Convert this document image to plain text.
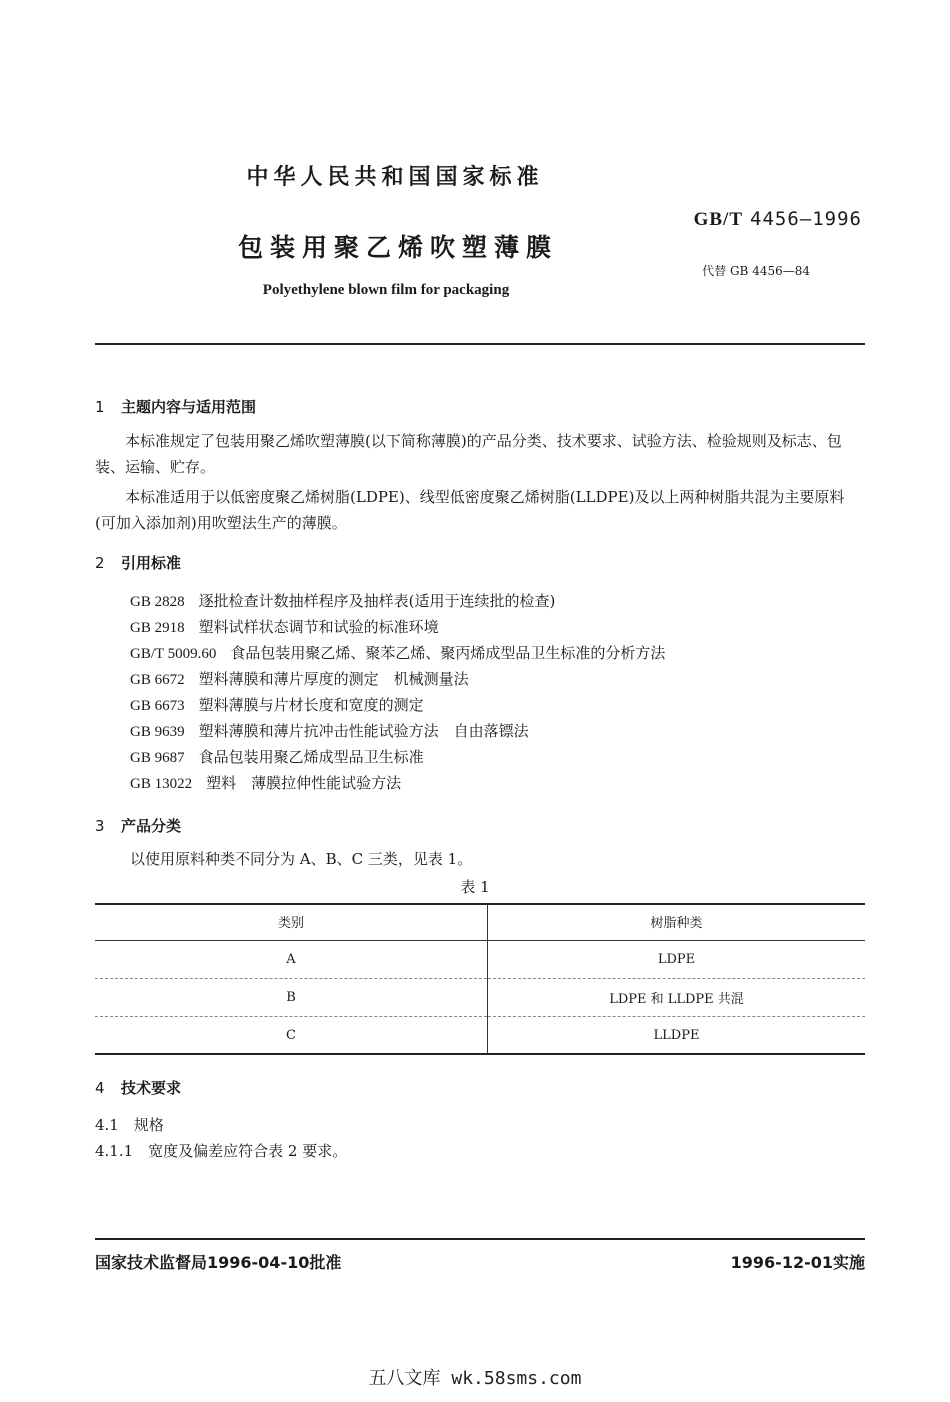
中华人民共和国国家标准
GB/T 4456—1996
包装用聚乙烯吹塑薄膜
代替 GB 4456—84
Polyethylene blown film for packaging
1 主题内容与适用范围
本标准规定了包装用聚乙烯吹塑薄膜(以下简称薄膜)的产品分类、技术要求、试验方法、检验规则及标志、包装、运输、贮存。
本标准适用于以低密度聚乙烯树脂(LDPE)、线型低密度聚乙烯树脂(LLDPE)及以上两种树脂共混为主要原料(可加入添加剂)用吹塑法生产的薄膜。
2 引用标准
GB 2828 逐批检查计数抽样程序及抽样表(适用于连续批的检查)
GB 2918 塑料试样状态调节和试验的标准环境
GB/T 5009.60 食品包装用聚乙烯、聚苯乙烯、聚丙烯成型品卫生标准的分析方法
GB 6672 塑料薄膜和薄片厚度的测定　机械测量法
GB 6673 塑料薄膜与片材长度和宽度的测定
GB 9639 塑料薄膜和薄片抗冲击性能试验方法　自由落镖法
GB 9687 食品包装用聚乙烯成型品卫生标准
GB 13022 塑料　薄膜拉伸性能试验方法
3 产品分类
以使用原料种类不同分为 A、B、C 三类，见表 1。
表 1
类别	树脂种类
A	LDPE
B	LDPE 和 LLDPE 共混
C	LLDPE
4 技术要求
4.1　规格
4.1.1　宽度及偏差应符合表 2 要求。
国家技术监督局1996-04-10批准	1996-12-01实施
五八文库 wk.58sms.com
